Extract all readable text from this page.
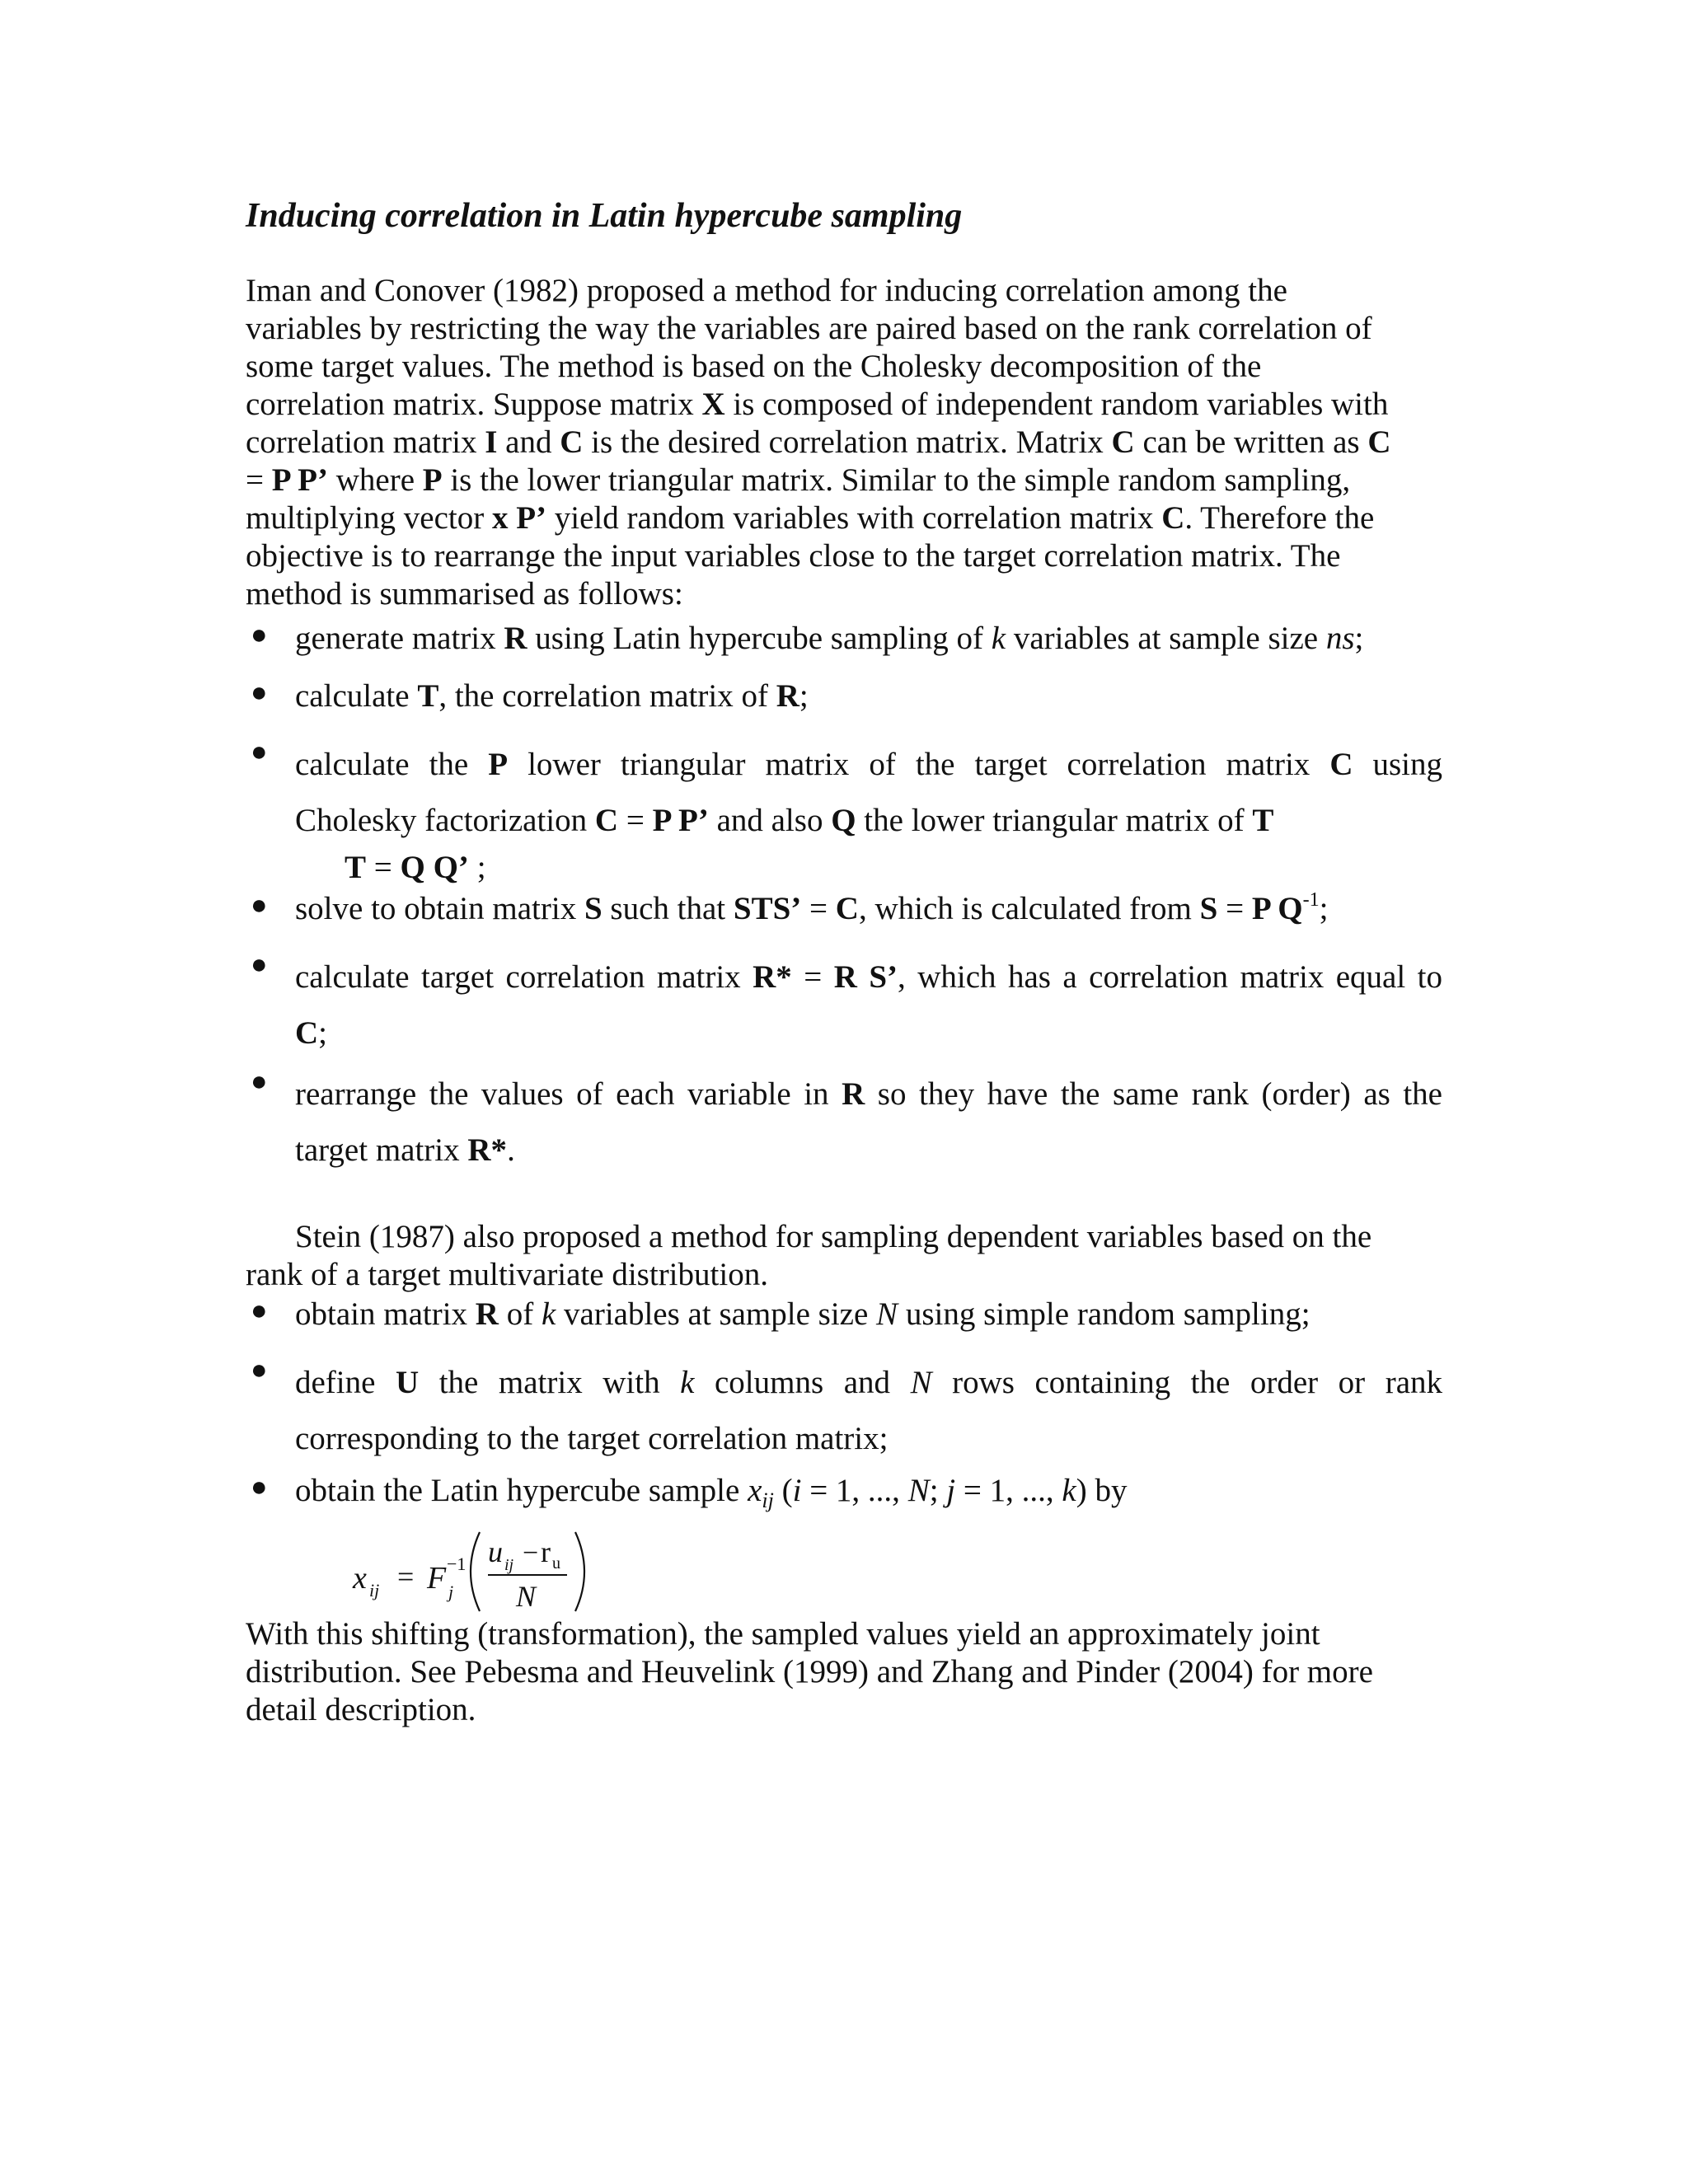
Inducing correlation in Latin hypercube sampling
Iman and Conover (1982) proposed a method for inducing correlation among the
variables by restricting the way the variables are paired based on the rank correlation of
some target values. The method is based on the Cholesky decomposition of the
correlation matrix. Suppose matrix X is composed of independent random variables with
correlation matrix I and C is the desired correlation matrix. Matrix C can be written as C
= P P’ where P is the lower triangular matrix. Similar to the simple random sampling,
multiplying vector x P’ yield random variables with correlation matrix C. Therefore the
objective is to rearrange the input variables close to the target correlation matrix. The
method is summarised as follows:
● generate matrix R using Latin hypercube sampling of k variables at sample size ns;
● calculate T, the correlation matrix of R;
● calculate the P lower triangular matrix of the target correlation matrix C using
Cholesky factorization C = P P’ and also Q the lower triangular matrix of T
T = Q Q’ ;
● solve to obtain matrix S such that STS’ = C, which is calculated from S = P $Q^{-1}$;
● calculate target correlation matrix R* = R S’, which has a correlation matrix equal to
C;
● rearrange the values of each variable in R so they have the same rank (order) as the
target matrix R*.
Stein (1987) also proposed a method for sampling dependent variables based on the
rank of a target multivariate distribution.
● obtain matrix R of k variables at sample size N using simple random sampling;
● define U the matrix with k columns and N rows containing the order or rank
corresponding to the target correlation matrix;
● obtain the Latin hypercube sample $x_{ij}$ (i = 1, ..., N; j = 1, ..., k) by
x ij = F −1
j
u ij − r u
N
With this shifting (transformation), the sampled values yield an approximately joint
distribution. See Pebesma and Heuvelink (1999) and Zhang and Pinder (2004) for more
detail description.
